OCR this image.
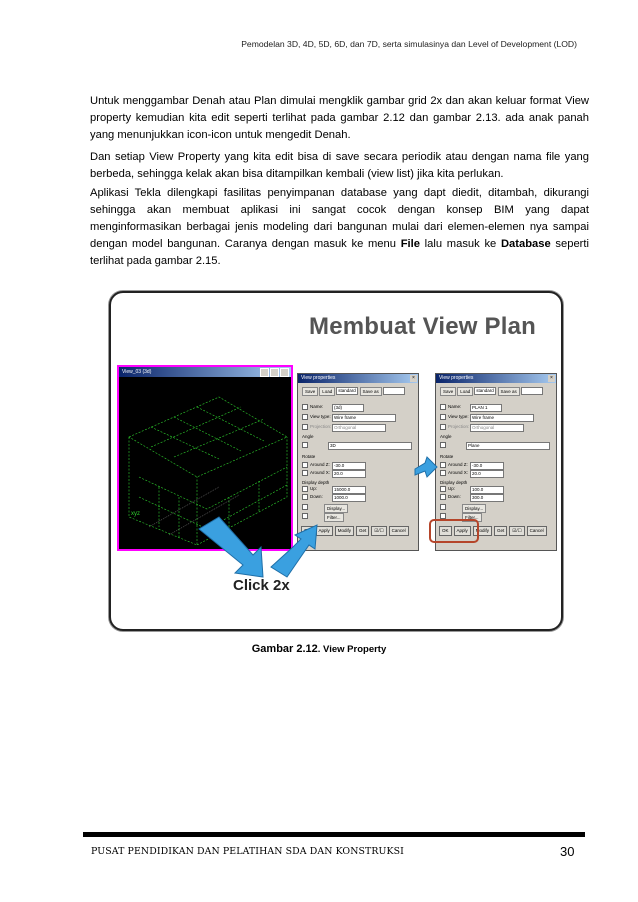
Pemodelan 3D, 4D, 5D, 6D, dan 7D, serta simulasinya dan Level of Development (LOD)

Untuk menggambar Denah atau Plan dimulai mengklik gambar grid 2x dan akan keluar format View property kemudian kita edit seperti terlihat pada gambar 2.12 dan gambar 2.13. ada anak panah yang menunjukkan icon-icon untuk mengedit Denah.

Dan setiap View Property yang kita edit bisa di save secara periodik atau dengan nama file yang berbeda, sehingga kelak akan bisa ditampilkan kembali (view list) jika kita perlukan.

Aplikasi Tekla dilengkapi fasilitas penyimpanan database yang dapt diedit, ditambah, dikurangi sehingga akan membuat aplikasi ini sangat cocok dengan konsep BIM yang dapat menginformasikan berbagai jenis modeling dari bangunan mulai dari elemen-elemen nya sampai dengan model bangunan. Caranya dengan masuk ke menu File lalu masuk ke Database seperti terlihat pada gambar 2.15.

Membuat View Plan
View_03 (3d)
xyz
View properties	×
Save Load standard Save as
Name: (3d)
View type: Wire frame
Projection: Orthogonal
Angle
3D
Rotate
Around Z: -30.0
Around X: 20.0
Display depth
Up:	15000.0
Down: 1000.0
Display...
Filter...
Apply Modify Get ☑/☐ Cancel
View properties	×
Save Load standard Save as
Name: PLAN 1
View type: Wire frame
Projection: Orthogonal
Angle
Plane
Rotate
Around Z: -30.0
Around X: 20.0
Display depth
Up:	100.0
Down: 300.0
Display...
Filter...
OK Apply Modify Get ☑/☐ Cancel
Click 2x
Gambar 2.12. View Property
PUSAT PENDIDIKAN DAN PELATIHAN SDA DAN KONSTRUKSI	30
